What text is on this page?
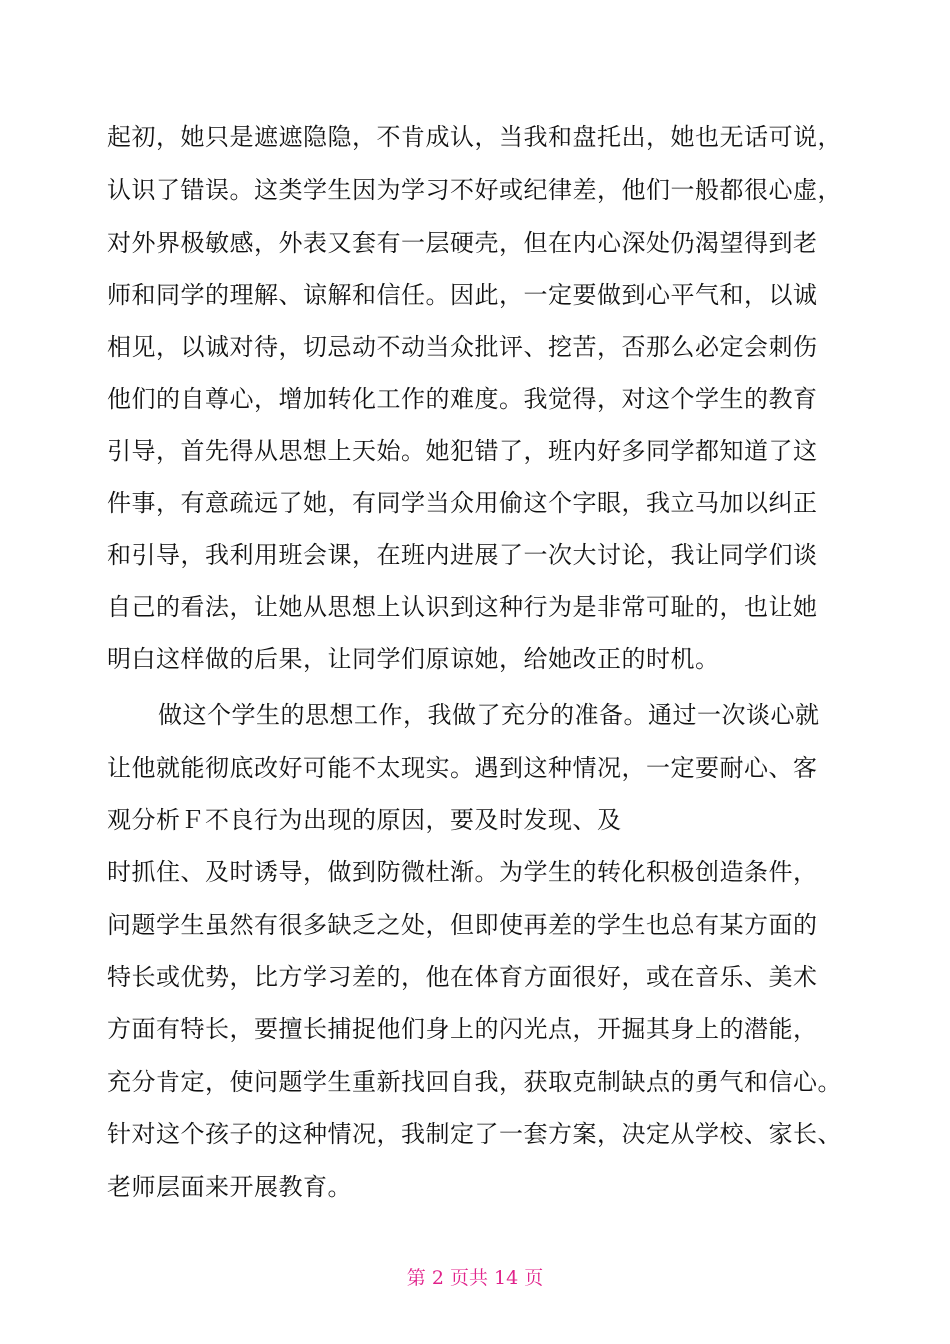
起初，她只是遮遮隐隐，不肯成认，当我和盘托出，她也无话可说，
认识了错误。这类学生因为学习不好或纪律差，他们一般都很心虚，
对外界极敏感，外表又套有一层硬壳，但在内心深处仍渴望得到老
师和同学的理解、谅解和信任。因此，一定要做到心平气和，以诚
相见，以诚对待，切忌动不动当众批评、挖苦，否那么必定会刺伤
他们的自尊心，增加转化工作的难度。我觉得，对这个学生的教育
引导，首先得从思想上天始。她犯错了，班内好多同学都知道了这
件事，有意疏远了她，有同学当众用偷这个字眼，我立马加以纠正
和引导，我利用班会课，在班内进展了一次大讨论，我让同学们谈
自己的看法，让她从思想上认识到这种行为是非常可耻的，也让她
明白这样做的后果，让同学们原谅她，给她改正的时机。
做这个学生的思想工作，我做了充分的准备。通过一次谈心就
让他就能彻底改好可能不太现实。遇到这种情况，一定要耐心、客
观分析Ｆ不良行为出现的原因，要及时发现、及
时抓住、及时诱导，做到防微杜渐。为学生的转化积极创造条件，
问题学生虽然有很多缺乏之处，但即使再差的学生也总有某方面的
特长或优势，比方学习差的，他在体育方面很好，或在音乐、美术
方面有特长，要擅长捕捉他们身上的闪光点，开掘其身上的潜能，
充分肯定，使问题学生重新找回自我，获取克制缺点的勇气和信心。
针对这个孩子的这种情况，我制定了一套方案，决定从学校、家长、
老师层面来开展教育。
第 2 页共 14 页
